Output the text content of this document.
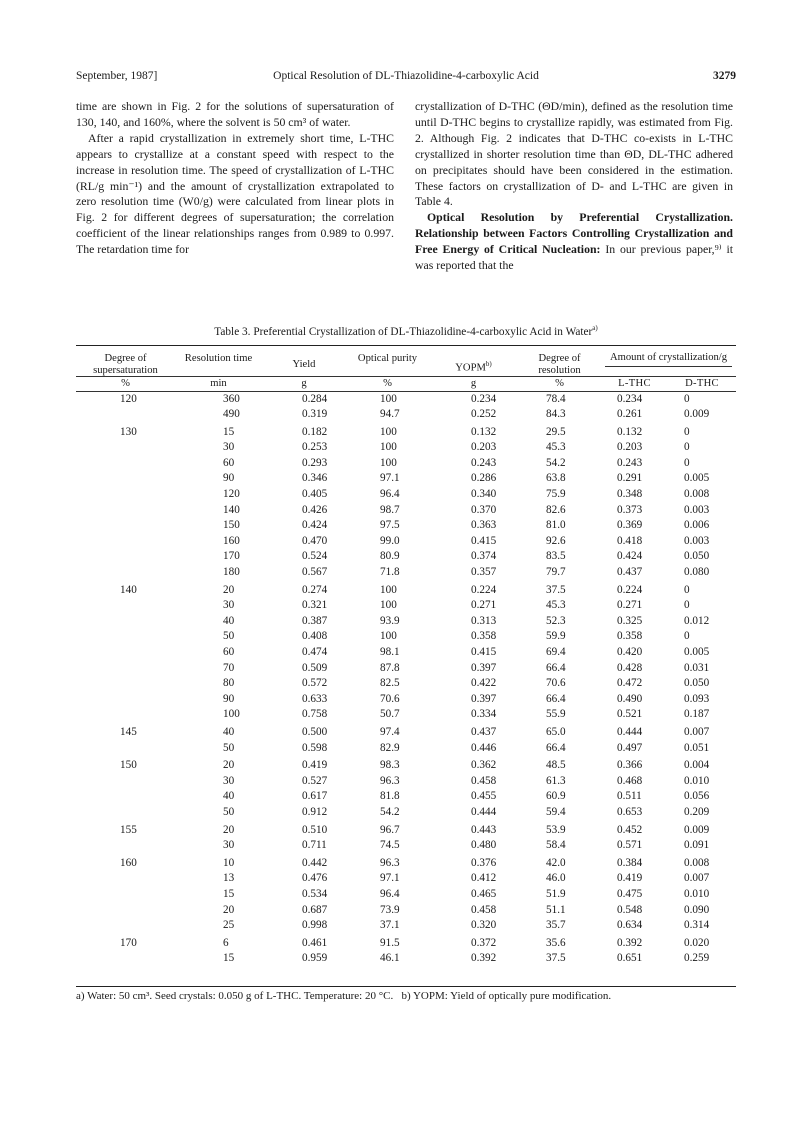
September, 1987]	Optical Resolution of DL-Thiazolidine-4-carboxylic Acid	3279

time are shown in Fig. 2 for the solutions of supersaturation of 130, 140, and 160%, where the solvent is 50 cm³ of water.

After a rapid crystallization in extremely short time, L-THC appears to crystallize at a constant speed with respect to the increase in resolution time. The speed of crystallization of L-THC (RL/g min⁻¹) and the amount of crystallization extrapolated to zero resolution time (W0/g) were calculated from linear plots in Fig. 2 for different degrees of supersaturation; the correlation coefficient of the linear relationships ranges from 0.989 to 0.997. The retardation time for

crystallization of D-THC (ΘD/min), defined as the resolution time until D-THC begins to crystallize rapidly, was estimated from Fig. 2. Although Fig. 2 indicates that D-THC co-exists in L-THC crystallized in shorter resolution time than ΘD, DL-THC adhered on precipitates should have been considered in the estimation. These factors on crystallization of D- and L-THC are given in Table 4.

Optical Resolution by Preferential Crystallization. Relationship between Factors Controlling Crystallization and Free Energy of Critical Nucleation: In our previous paper,⁹⁾ it was reported that the

Table 3. Preferential Crystallization of DL-Thiazolidine-4-carboxylic Acid in Water$^{a)}$
Degree of supersaturation	Resolution time	Yield	Optical purity	YOPM$^{b)}$	Degree of resolution	Amount of crystallization/g	

%	min	g	%	g	%	L-THC	D-THC
120	360	0.284	100	0.234	78.4	0.234	0
	490	0.319	94.7	0.252	84.3	0.261	0.009
130	15	0.182	100	0.132	29.5	0.132	0
	30	0.253	100	0.203	45.3	0.203	0
	60	0.293	100	0.243	54.2	0.243	0
	90	0.346	97.1	0.286	63.8	0.291	0.005
	120	0.405	96.4	0.340	75.9	0.348	0.008
	140	0.426	98.7	0.370	82.6	0.373	0.003
	150	0.424	97.5	0.363	81.0	0.369	0.006
	160	0.470	99.0	0.415	92.6	0.418	0.003
	170	0.524	80.9	0.374	83.5	0.424	0.050
	180	0.567	71.8	0.357	79.7	0.437	0.080
140	20	0.274	100	0.224	37.5	0.224	0
	30	0.321	100	0.271	45.3	0.271	0
	40	0.387	93.9	0.313	52.3	0.325	0.012
	50	0.408	100	0.358	59.9	0.358	0
	60	0.474	98.1	0.415	69.4	0.420	0.005
	70	0.509	87.8	0.397	66.4	0.428	0.031
	80	0.572	82.5	0.422	70.6	0.472	0.050
	90	0.633	70.6	0.397	66.4	0.490	0.093
	100	0.758	50.7	0.334	55.9	0.521	0.187
145	40	0.500	97.4	0.437	65.0	0.444	0.007
	50	0.598	82.9	0.446	66.4	0.497	0.051
150	20	0.419	98.3	0.362	48.5	0.366	0.004
	30	0.527	96.3	0.458	61.3	0.468	0.010
	40	0.617	81.8	0.455	60.9	0.511	0.056
	50	0.912	54.2	0.444	59.4	0.653	0.209
155	20	0.510	96.7	0.443	53.9	0.452	0.009
	30	0.711	74.5	0.480	58.4	0.571	0.091
160	10	0.442	96.3	0.376	42.0	0.384	0.008
	13	0.476	97.1	0.412	46.0	0.419	0.007
	15	0.534	96.4	0.465	51.9	0.475	0.010
	20	0.687	73.9	0.458	51.1	0.548	0.090
	25	0.998	37.1	0.320	35.7	0.634	0.314
170	6	0.461	91.5	0.372	35.6	0.392	0.020
	15	0.959	46.1	0.392	37.5	0.651	0.259
a) Water: 50 cm³. Seed crystals: 0.050 g of L-THC. Temperature: 20 °C. b) YOPM: Yield of optically pure modification.
